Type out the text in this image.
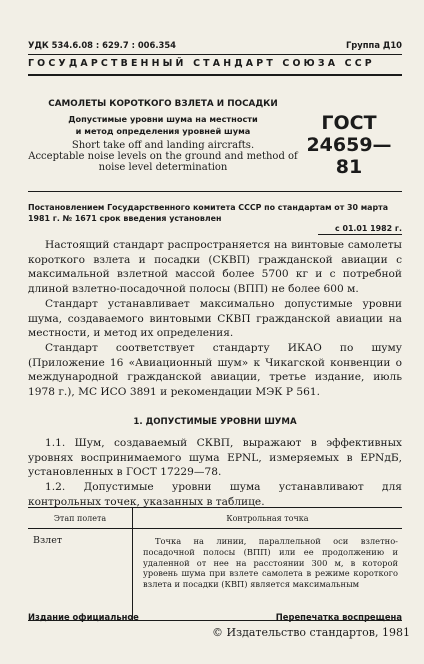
УДК 534.6.08 : 629.7 : 006.354	Группа Д10
ГОСУДАРСТВЕННЫЙ СТАНДАРТ СОЮЗА ССР
САМОЛЕТЫ КОРОТКОГО ВЗЛЕТА И ПОСАДКИ
Допустимые уровни шума на местности
и метод определения уровней шума
Short take off and landing aircrafts.
Acceptable noise levels on the ground and method of
noise level determination
ГОСТ
24659—81
Постановлением Государственного комитета СССР по стандартам от 30 марта
1981 г. № 1671 срок введения установлен
с 01.01 1982 г.
Настоящий стандарт распространяется на винтовые самолеты короткого взлета и посадки (СКВП) гражданской авиации с максимальной взлетной массой более 5700 кг и с потребной длиной взлетно-посадочной полосы (ВПП) не более 600 м.
Стандарт устанавливает максимально допустимые уровни шума, создаваемого винтовыми СКВП гражданской авиации на местности, и метод их определения.
Стандарт соответствует стандарту ИКАО по шуму (Приложение 16 «Авиационный шум» к Чикагской конвенции о международной гражданской авиации, третье издание, июль 1978 г.), МС ИСО 3891 и рекомендации МЭК Р 561.
1. ДОПУСТИМЫЕ УРОВНИ ШУМА
1.1. Шум, создаваемый СКВП, выражают в эффективных уровнях воспринимаемого шума EPNL, измеряемых в EPNдБ, установленных в ГОСТ 17229—78.
1.2. Допустимые уровни шума устанавливают для контрольных точек, указанных в таблице.
Этап полета	Контрольная точка
Взлет	Точка на линии, параллельной оси взлетно-посадочной полосы (ВПП) или ее продолжению и удаленной от нее на расстоянии 300 м, в которой уровень шума при взлете самолета в режиме короткого взлета и посадки (КВП) является максимальным
Издание официальное	Перепечатка воспрещена
© Издательство стандартов, 1981
